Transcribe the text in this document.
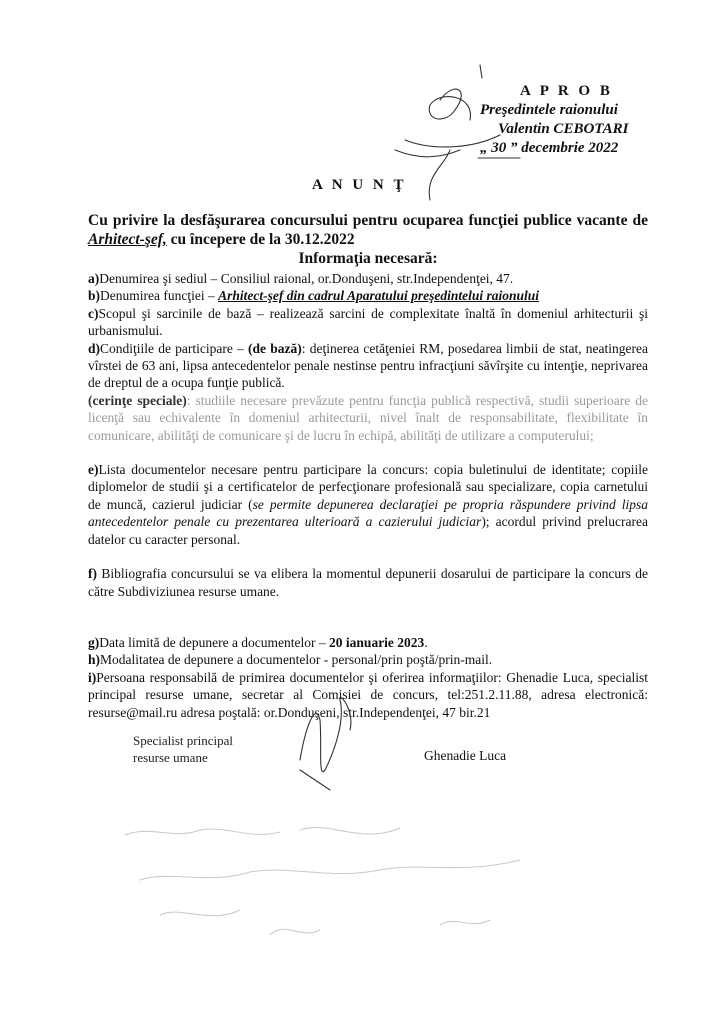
A P R O B
Preşedintele raionului
Valentin CEBOTARI
„ 30 ” decembrie 2022
A N U N Ţ
Cu privire la desfăşurarea concursului pentru ocuparea funcţiei publice vacante de Arhitect-şef, cu începere de la 30.12.2022
Informaţia necesară:

a)Denumirea şi sediul – Consiliul raional, or.Donduşeni, str.Independenţei, 47.

b)Denumirea funcţiei – Arhitect-şef din cadrul Aparatului preşedintelui raionului

c)Scopul şi sarcinile de bază – realizează sarcini de complexitate înaltă în domeniul arhitecturii şi urbanismului.

d)Condiţiile de participare – (de bază): deţinerea cetăţeniei RM, posedarea limbii de stat, neatingerea vîrstei de 63 ani, lipsa antecedentelor penale nestinse pentru infracţiuni săvîrşite cu intenţie, neprivarea de dreptul de a ocupa funţie publică.

(cerinţe speciale): studiile necesare prevăzute pentru funcţia publică respectivă, studii superioare de licenţă sau echivalente în domeniul arhitecturii, nivel înalt de responsabilitate, flexibilitate în comunicare, abilităţi de comunicare şi de lucru în echipă, abilităţi de utilizare a computerului;

e)Lista documentelor necesare pentru participare la concurs: copia buletinului de identitate; copiile diplomelor de studii şi a certificatelor de perfecţionare profesională sau specializare, copia carnetului de muncă, cazierul judiciar (se permite depunerea declaraţiei pe propria răspundere privind lipsa antecedentelor penale cu prezentarea ulterioară a cazierului judiciar); acordul privind prelucrarea datelor cu caracter personal.

f) Bibliografia concursului se va elibera la momentul depunerii dosarului de participare la concurs de către Subdiviziunea resurse umane.

g)Data limită de depunere a documentelor – 20 ianuarie 2023.

h)Modalitatea de depunere a documentelor - personal/prin poştă/prin-mail.

i)Persoana responsabilă de primirea documentelor şi oferirea informaţiilor: Ghenadie Luca, specialist principal resurse umane, secretar al Comisiei de concurs, tel:251.2.11.88, adresa electronică: resurse@mail.ru adresa poştală: or.Donduşeni, str.Independenţei, 47 bir.21

Specialist principal
resurse umane	Ghenadie Luca
